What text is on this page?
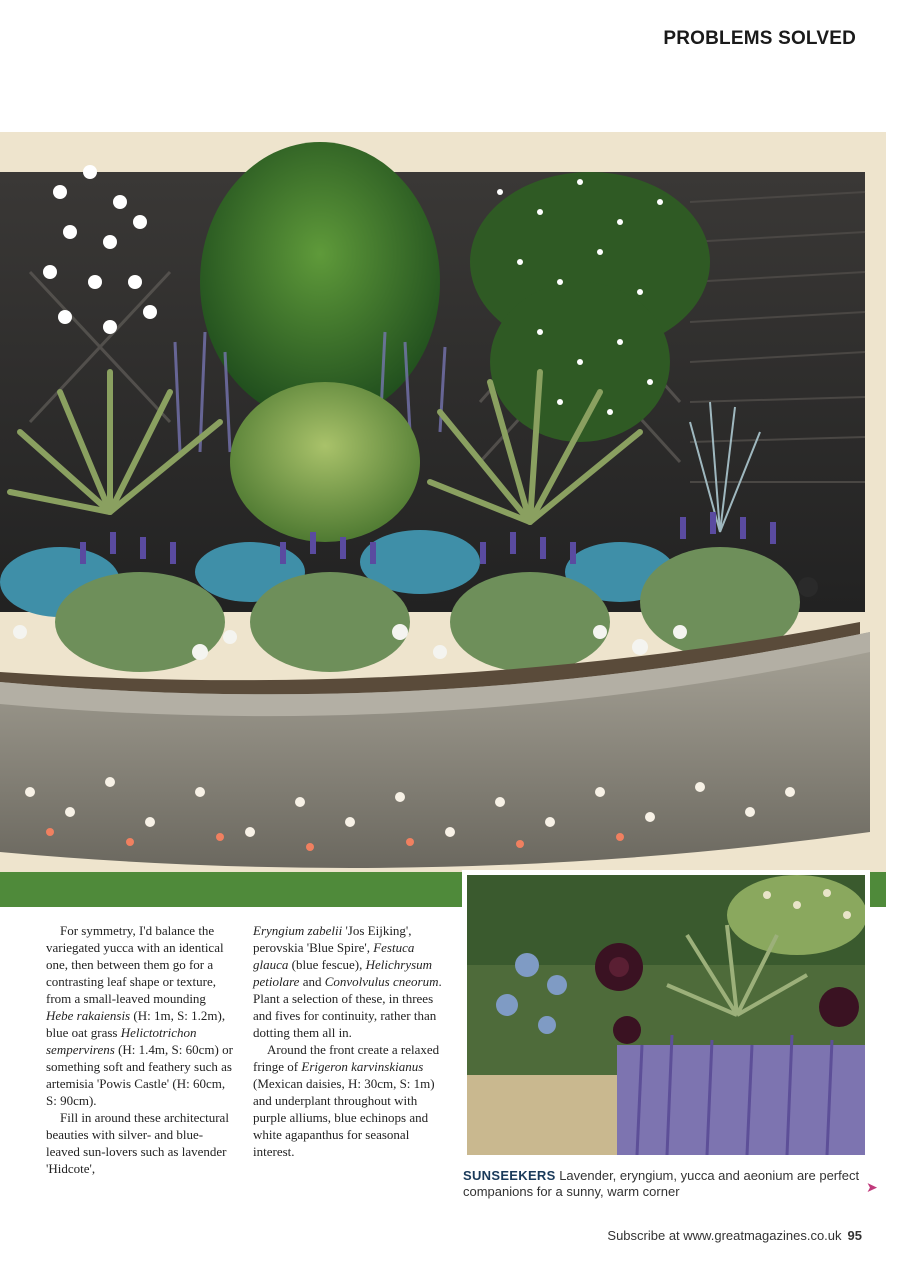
PROBLEMS SOLVED

For symmetry, I'd balance the variegated yucca with an identical one, then between them go for a contrasting leaf shape or texture, from a small-leaved mounding Hebe rakaiensis (H: 1m, S: 1.2m), blue oat grass Helictotrichon sempervirens (H: 1.4m, S: 60cm) or something soft and feathery such as artemisia 'Powis Castle' (H: 60cm, S: 90cm).

Fill in around these architectural beauties with silver- and blue-leaved sun-lovers such as lavender 'Hidcote',

Eryngium zabelii 'Jos Eijking', perovskia 'Blue Spire', Festuca glauca (blue fescue), Helichrysum petiolare and Convolvulus cneorum. Plant a selection of these, in threes and fives for continuity, rather than dotting them all in.

Around the front create a relaxed fringe of Erigeron karvinskianus (Mexican daisies, H: 30cm, S: 1m) and underplant throughout with purple alliums, blue echinops and white agapanthus for seasonal interest.

SUNSEEKERS Lavender, eryngium, yucca and aeonium are perfect companions for a sunny, warm corner	➤
Subscribe at www.greatmagazines.co.uk 95
